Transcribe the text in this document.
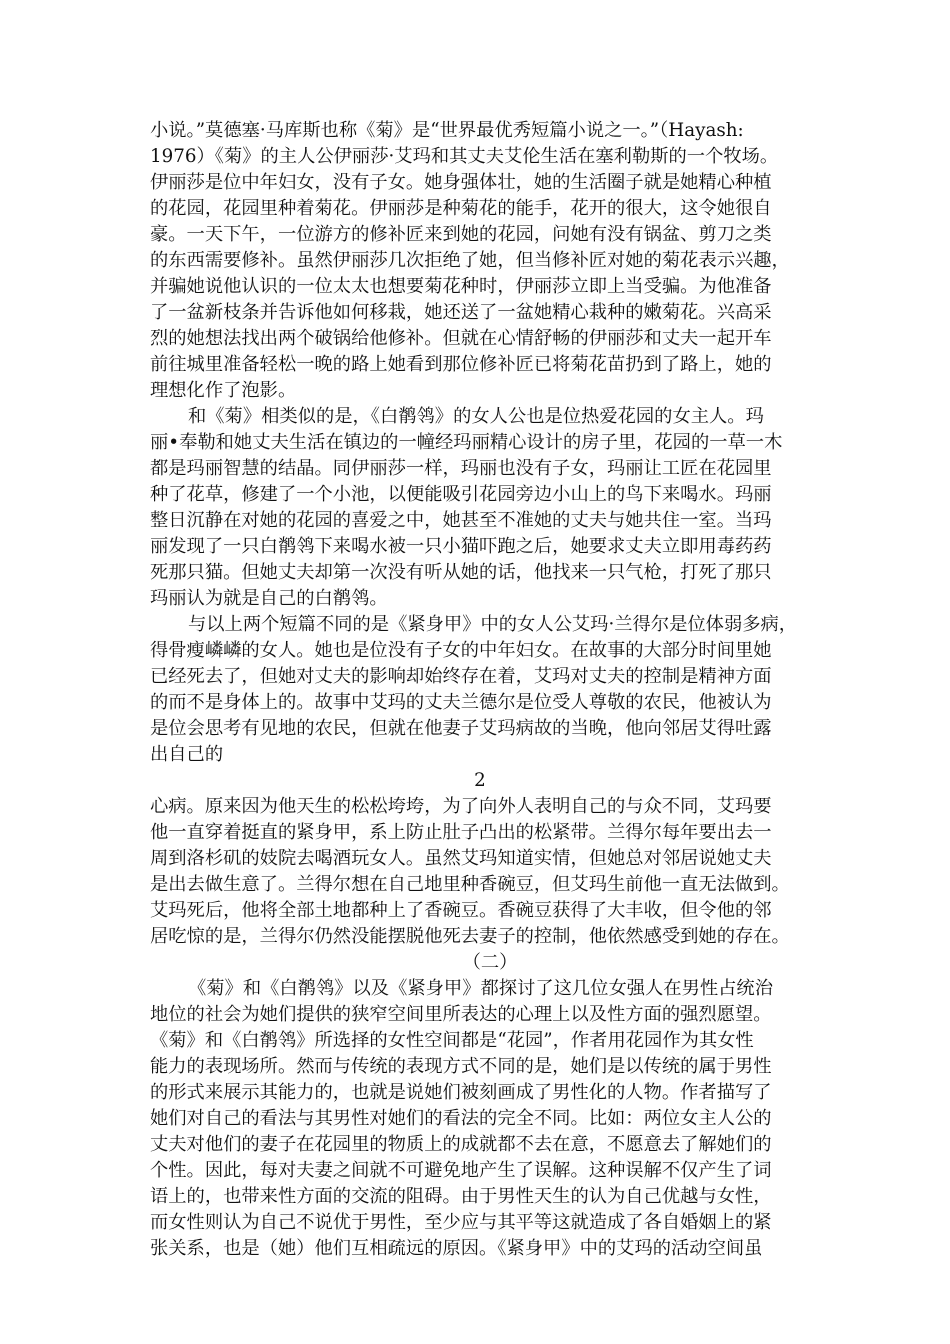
小说。”莫德塞·马库斯也称《菊》是“世界最优秀短篇小说之一。”（Hayash:
1976）《菊》的主人公伊丽莎·艾玛和其丈夫艾伦生活在塞利勒斯的一个牧场。
伊丽莎是位中年妇女，没有子女。她身强体壮，她的生活圈子就是她精心种植
的花园，花园里种着菊花。伊丽莎是种菊花的能手，花开的很大，这令她很自
豪。一天下午，一位游方的修补匠来到她的花园，问她有没有锅盆、剪刀之类
的东西需要修补。虽然伊丽莎几次拒绝了她，但当修补匠对她的菊花表示兴趣，
并骗她说他认识的一位太太也想要菊花种时，伊丽莎立即上当受骗。为他准备
了一盆新枝条并告诉他如何移栽，她还送了一盆她精心栽种的嫩菊花。兴高采
烈的她想法找出两个破锅给他修补。但就在心情舒畅的伊丽莎和丈夫一起开车
前往城里准备轻松一晚的路上她看到那位修补匠已将菊花苗扔到了路上，她的
理想化作了泡影。
和《菊》相类似的是，《白鹡鸰》的女人公也是位热爱花园的女主人。玛
丽•奉勒和她丈夫生活在镇边的一幢经玛丽精心设计的房子里，花园的一草一木
都是玛丽智慧的结晶。同伊丽莎一样，玛丽也没有子女，玛丽让工匠在花园里
种了花草，修建了一个小池，以便能吸引花园旁边小山上的鸟下来喝水。玛丽
整日沉静在对她的花园的喜爱之中，她甚至不准她的丈夫与她共住一室。当玛
丽发现了一只白鹡鸰下来喝水被一只小猫吓跑之后，她要求丈夫立即用毒药药
死那只猫。但她丈夫却第一次没有听从她的话，他找来一只气枪，打死了那只
玛丽认为就是自己的白鹡鸰。
与以上两个短篇不同的是《紧身甲》中的女人公艾玛·兰得尔是位体弱多病，
得骨瘦嶙嶙的女人。她也是位没有子女的中年妇女。在故事的大部分时间里她
已经死去了，但她对丈夫的影响却始终存在着，艾玛对丈夫的控制是精神方面
的而不是身体上的。故事中艾玛的丈夫兰德尔是位受人尊敬的农民，他被认为
是位会思考有见地的农民，但就在他妻子艾玛病故的当晚，他向邻居艾得吐露
出自己的
2
心病。原来因为他天生的松松垮垮，为了向外人表明自己的与众不同，艾玛要
他一直穿着挺直的紧身甲，系上防止肚子凸出的松紧带。兰得尔每年要出去一
周到洛杉矶的妓院去喝酒玩女人。虽然艾玛知道实情，但她总对邻居说她丈夫
是出去做生意了。兰得尔想在自己地里种香碗豆，但艾玛生前他一直无法做到。
艾玛死后，他将全部土地都种上了香碗豆。香碗豆获得了大丰收，但令他的邻
居吃惊的是，兰得尔仍然没能摆脱他死去妻子的控制，他依然感受到她的存在。
（二）
《菊》和《白鹡鸰》以及《紧身甲》都探讨了这几位女强人在男性占统治
地位的社会为她们提供的狭窄空间里所表达的心理上以及性方面的强烈愿望。
《菊》和《白鹡鸰》所选择的女性空间都是“花园”，作者用花园作为其女性
能力的表现场所。然而与传统的表现方式不同的是，她们是以传统的属于男性
的形式来展示其能力的，也就是说她们被刻画成了男性化的人物。作者描写了
她们对自己的看法与其男性对她们的看法的完全不同。比如：两位女主人公的
丈夫对他们的妻子在花园里的物质上的成就都不去在意，不愿意去了解她们的
个性。因此，每对夫妻之间就不可避免地产生了误解。这种误解不仅产生了词
语上的，也带来性方面的交流的阻碍。由于男性天生的认为自己优越与女性，
而女性则认为自己不说优于男性，至少应与其平等这就造成了各自婚姻上的紧
张关系，也是（她）他们互相疏远的原因。《紧身甲》中的艾玛的活动空间虽
